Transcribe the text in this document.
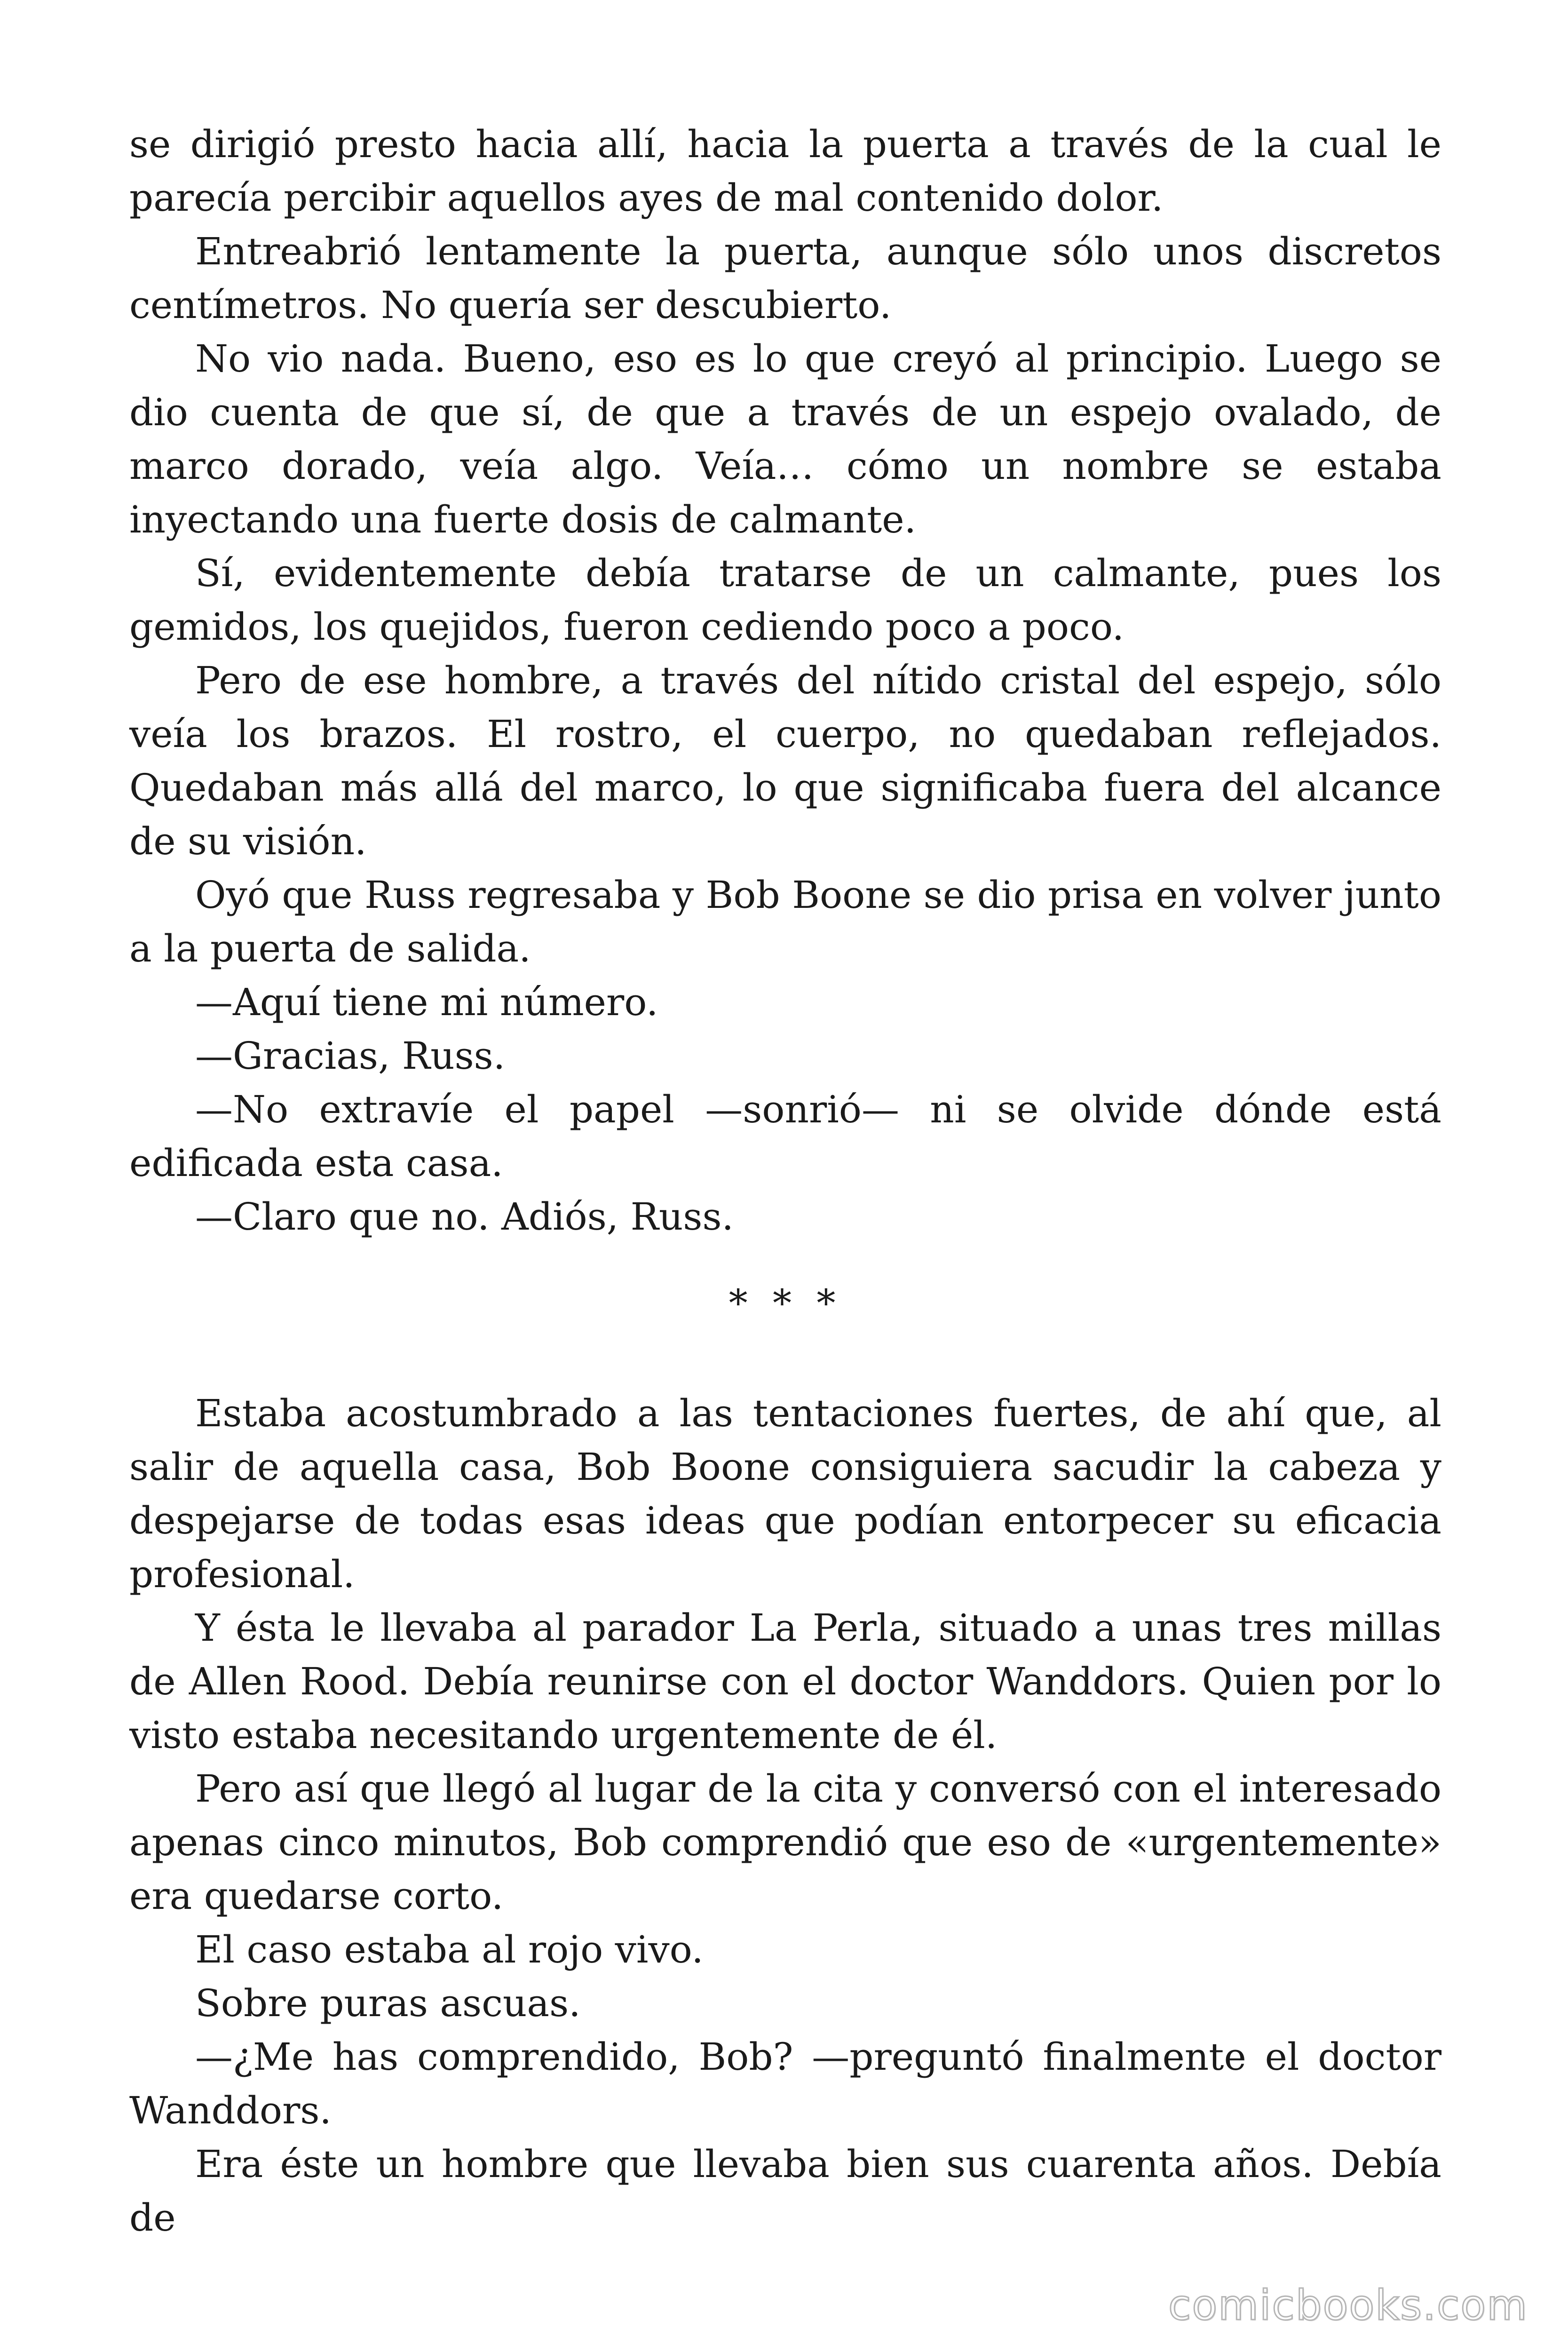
se dirigió presto hacia allí, hacia la puerta a través de la cual le parecía percibir aquellos ayes de mal contenido dolor.

Entreabrió lentamente la puerta, aunque sólo unos discretos centímetros. No quería ser descubierto.

No vio nada. Bueno, eso es lo que creyó al principio. Luego se dio cuenta de que sí, de que a través de un espejo ovalado, de marco dorado, veía algo. Veía… cómo un nombre se estaba inyectando una fuerte dosis de calmante.

Sí, evidentemente debía tratarse de un calmante, pues los gemidos, los quejidos, fueron cediendo poco a poco.

Pero de ese hombre, a través del nítido cristal del espejo, sólo veía los brazos. El rostro, el cuerpo, no quedaban reflejados. Quedaban más allá del marco, lo que significaba fuera del alcance de su visión.

Oyó que Russ regresaba y Bob Boone se dio prisa en volver junto a la puerta de salida.

—Aquí tiene mi número.

—Gracias, Russ.

—No extravíe el papel —sonrió— ni se olvide dónde está edificada esta casa.

—Claro que no. Adiós, Russ.

* * *

Estaba acostumbrado a las tentaciones fuertes, de ahí que, al salir de aquella casa, Bob Boone consiguiera sacudir la cabeza y despejarse de todas esas ideas que podían entorpecer su eficacia profesional.

Y ésta le llevaba al parador La Perla, situado a unas tres millas de Allen Rood. Debía reunirse con el doctor Wanddors. Quien por lo visto estaba necesitando urgentemente de él.

Pero así que llegó al lugar de la cita y conversó con el interesado apenas cinco minutos, Bob comprendió que eso de «urgentemente» era quedarse corto.

El caso estaba al rojo vivo.

Sobre puras ascuas.

—¿Me has comprendido, Bob? —preguntó finalmente el doctor Wanddors.

Era éste un hombre que llevaba bien sus cuarenta años. Debía de

comicbooks.com
